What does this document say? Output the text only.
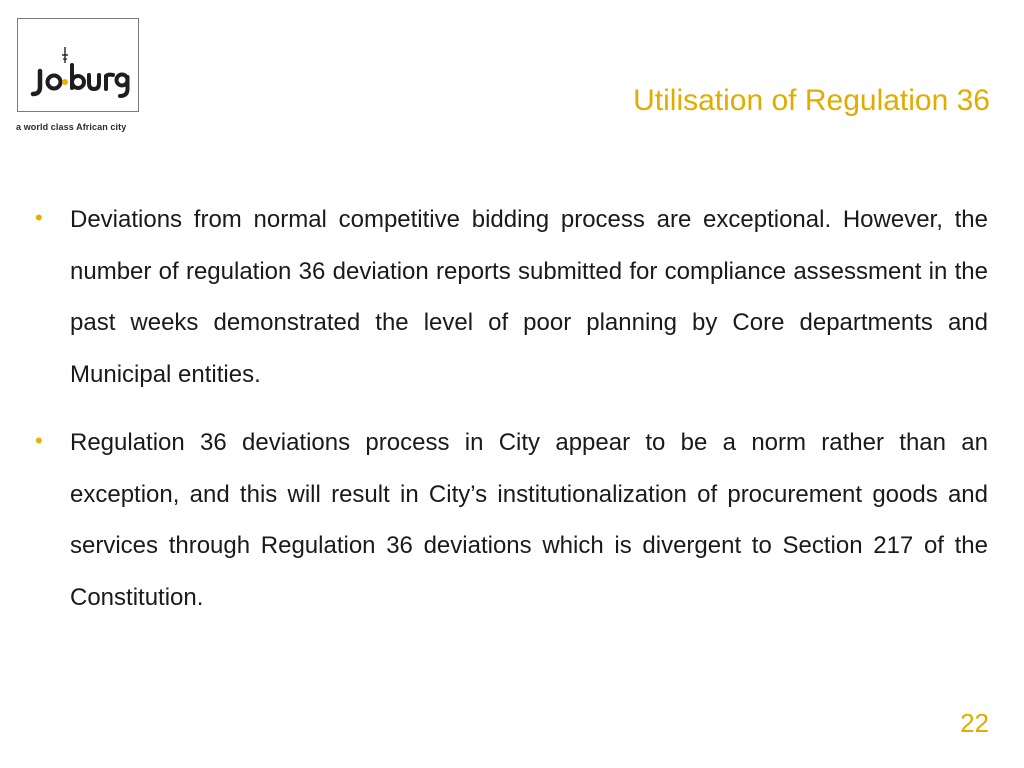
a world class African city
Utilisation of Regulation 36
• Deviations from normal competitive bidding process are exceptional. However, the number of regulation 36 deviation reports submitted for compliance assessment in the past weeks demonstrated the level of poor planning by Core departments and Municipal entities.
• Regulation 36 deviations process in City appear to be a norm rather than an exception, and this will result in City’s institutionalization of procurement goods and services through Regulation 36 deviations which is divergent to Section 217 of the Constitution.
22
